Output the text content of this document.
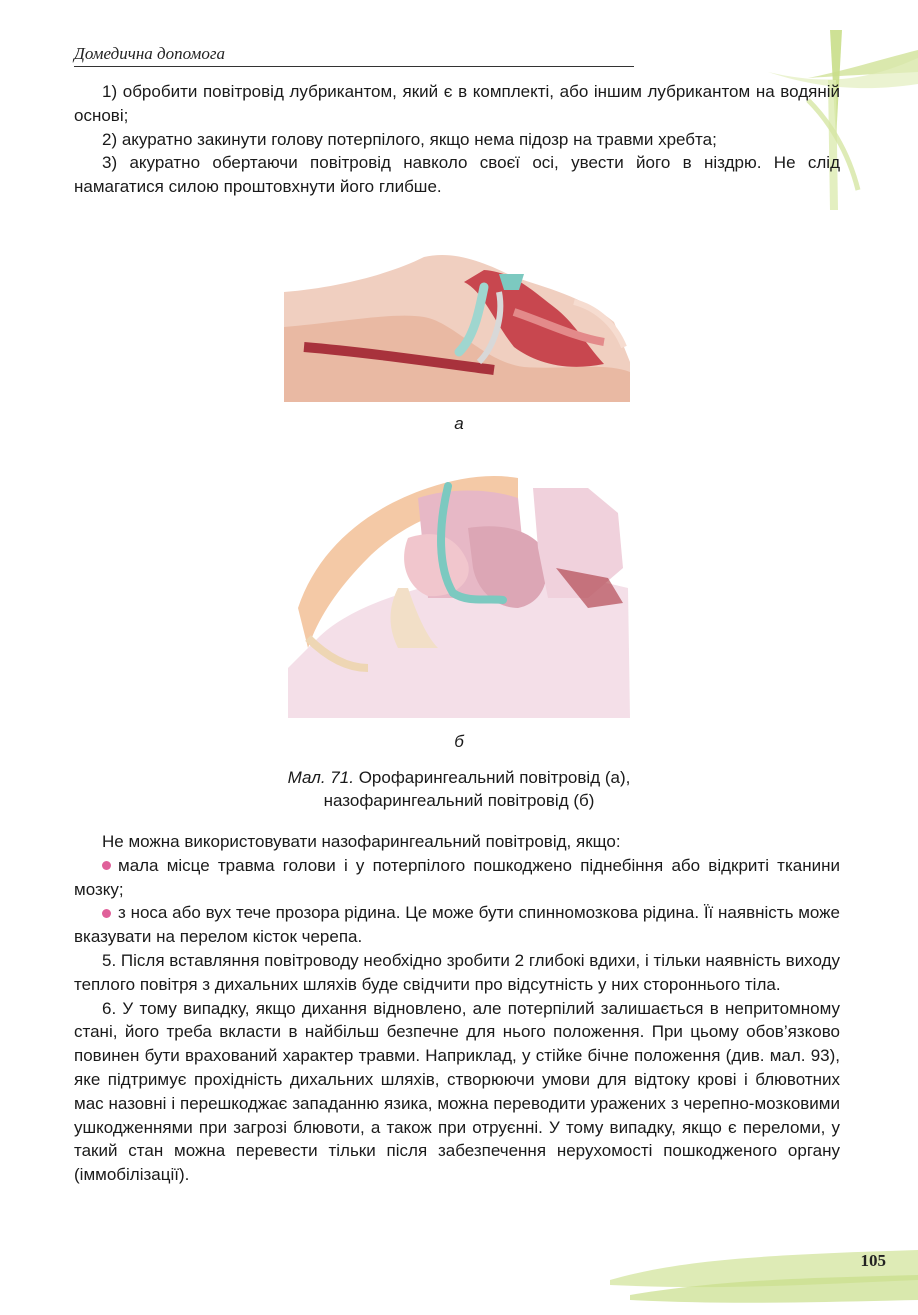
Домедична допомога

1) обробити повітровід лубрикантом, який є в комплекті, або іншим лубрикантом на водяній основі;

2) акуратно закинути голову потерпілого, якщо нема підозр на травми хребта;

3) акуратно обертаючи повітровід навколо своєї осі, увести його в ніздрю. Не слід намагатися силою проштовхнути його глибше.

а
б
Мал. 71. Орофарингеальний повітровід (а),
назофарингеальний повітровід (б)

Не можна використовувати назофарингеальний повітровід, якщо:

мала місце травма голови і у потерпілого пошкоджено піднебіння або відкриті тканини мозку;

з носа або вух тече прозора рідина. Це може бути спинномозкова рідина. Її наявність може вказувати на перелом кісток черепа.

5. Після вставляння повітроводу необхідно зробити 2 глибокі вдихи, і тільки наявність виходу теплого повітря з дихальних шляхів буде свідчити про відсутність у них стороннього тіла.

6. У тому випадку, якщо дихання відновлено, але потерпілий залишається в непритомному стані, його треба вкласти в найбільш безпечне для нього положення. При цьому обов’язково повинен бути врахований характер травми. Наприклад, у стійке бічне положення (див. мал. 93), яке підтримує прохідність дихальних шляхів, створюючи умови для відтоку крові і блювотних мас назовні і перешкоджає западанню язика, можна переводити уражених з черепно-мозковими ушкодженнями при загрозі блювоти, а також при отруєнні. У тому випадку, якщо є переломи, у такий стан можна перевести тільки після забезпечення нерухомості пошкодженого органу (іммобілізації).

105
